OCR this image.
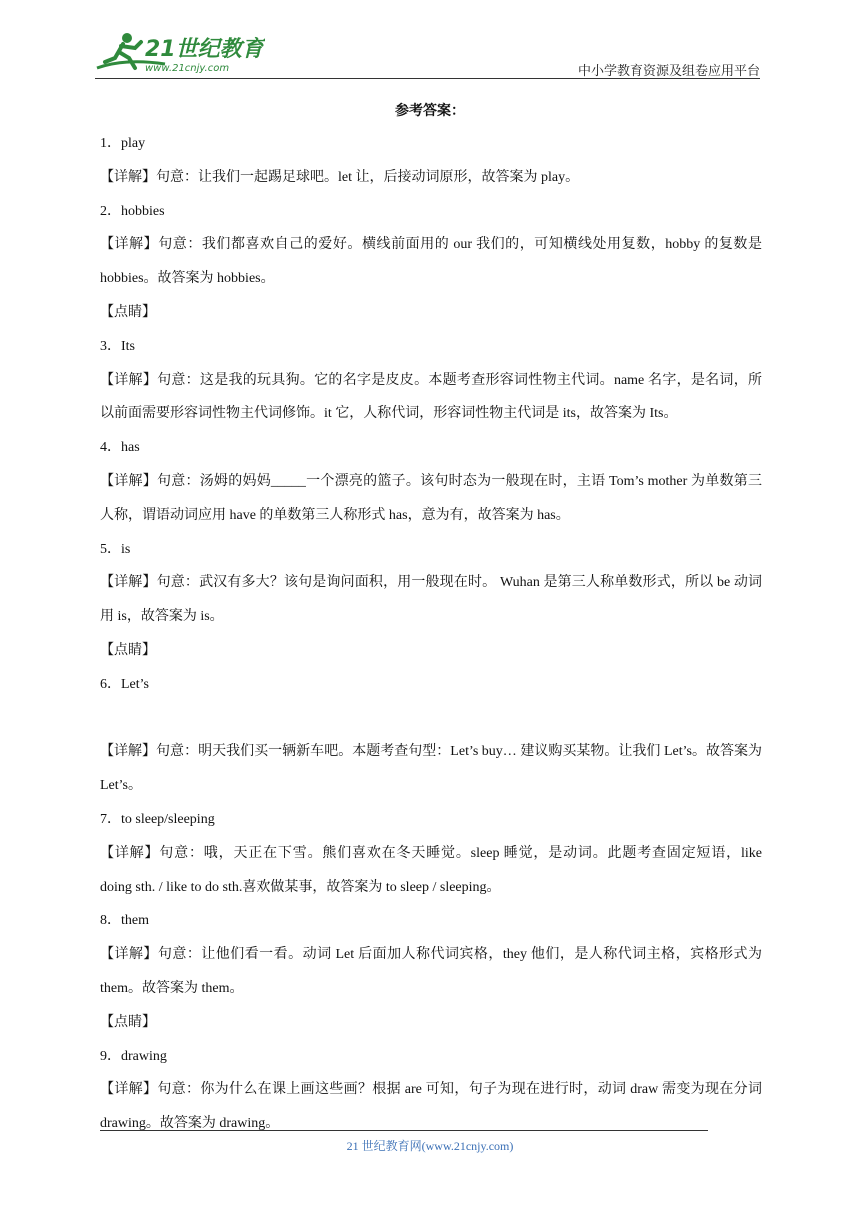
21世纪教育
www.21cnjy.com	中小学教育资源及组卷应用平台
参考答案：
1．play
【详解】句意：让我们一起踢足球吧。let 让，后接动词原形，故答案为 play。
2．hobbies
【详解】句意：我们都喜欢自己的爱好。横线前面用的 our 我们的，可知横线处用复数，hobby 的复数是 hobbies。故答案为 hobbies。
【点睛】
3．Its
【详解】句意：这是我的玩具狗。它的名字是皮皮。本题考查形容词性物主代词。name 名字，是名词，所以前面需要形容词性物主代词修饰。it 它，人称代词，形容词性物主代词是 its，故答案为 Its。
4．has
【详解】句意：汤姆的妈妈_____一个漂亮的篮子。该句时态为一般现在时，主语 Tom’s mother 为单数第三人称，谓语动词应用 have 的单数第三人称形式 has，意为有，故答案为 has。
5．is
【详解】句意：武汉有多大？该句是询问面积，用一般现在时。 Wuhan 是第三人称单数形式，所以 be 动词用 is，故答案为 is。
【点睛】
6．Let’s
【详解】句意：明天我们买一辆新车吧。本题考查句型：Let’s buy… 建议购买某物。让我们 Let’s。故答案为 Let’s。
7．to sleep/sleeping
【详解】句意：哦，天正在下雪。熊们喜欢在冬天睡觉。sleep 睡觉，是动词。此题考查固定短语，like doing sth. / like to do sth.喜欢做某事，故答案为 to sleep / sleeping。
8．them
【详解】句意：让他们看一看。动词 Let 后面加人称代词宾格，they 他们，是人称代词主格，宾格形式为 them。故答案为 them。
【点睛】
9．drawing
【详解】句意：你为什么在课上画这些画？根据 are 可知，句子为现在进行时，动词 draw 需变为现在分词 drawing。故答案为 drawing。
21 世纪教育网(www.21cnjy.com)
